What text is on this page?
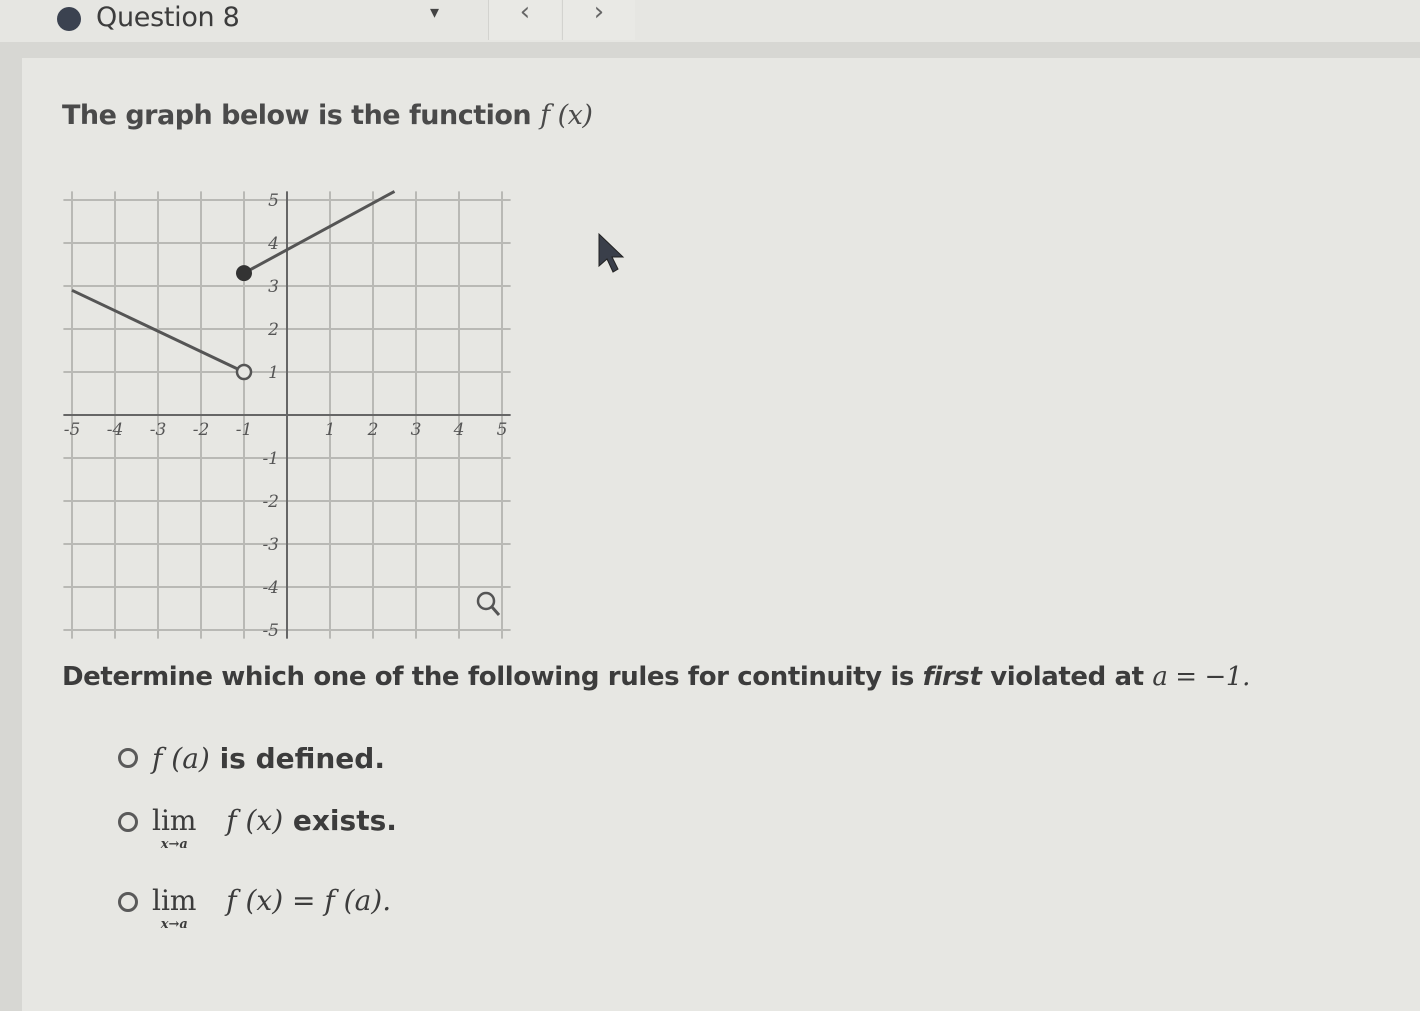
Question 8	▾	‹	›
The graph below is the function f (x)
-5 -4 -3 -2 -1	1 2 3 4 5
5
4
3
2
1
-1
-2
-3
-4
-5
Determine which one of the following rules for continuity is first violated at a = −1.
f (a) is defined.
lim
x→a
f (x) exists.
lim
x→a
f (x) = f (a).
